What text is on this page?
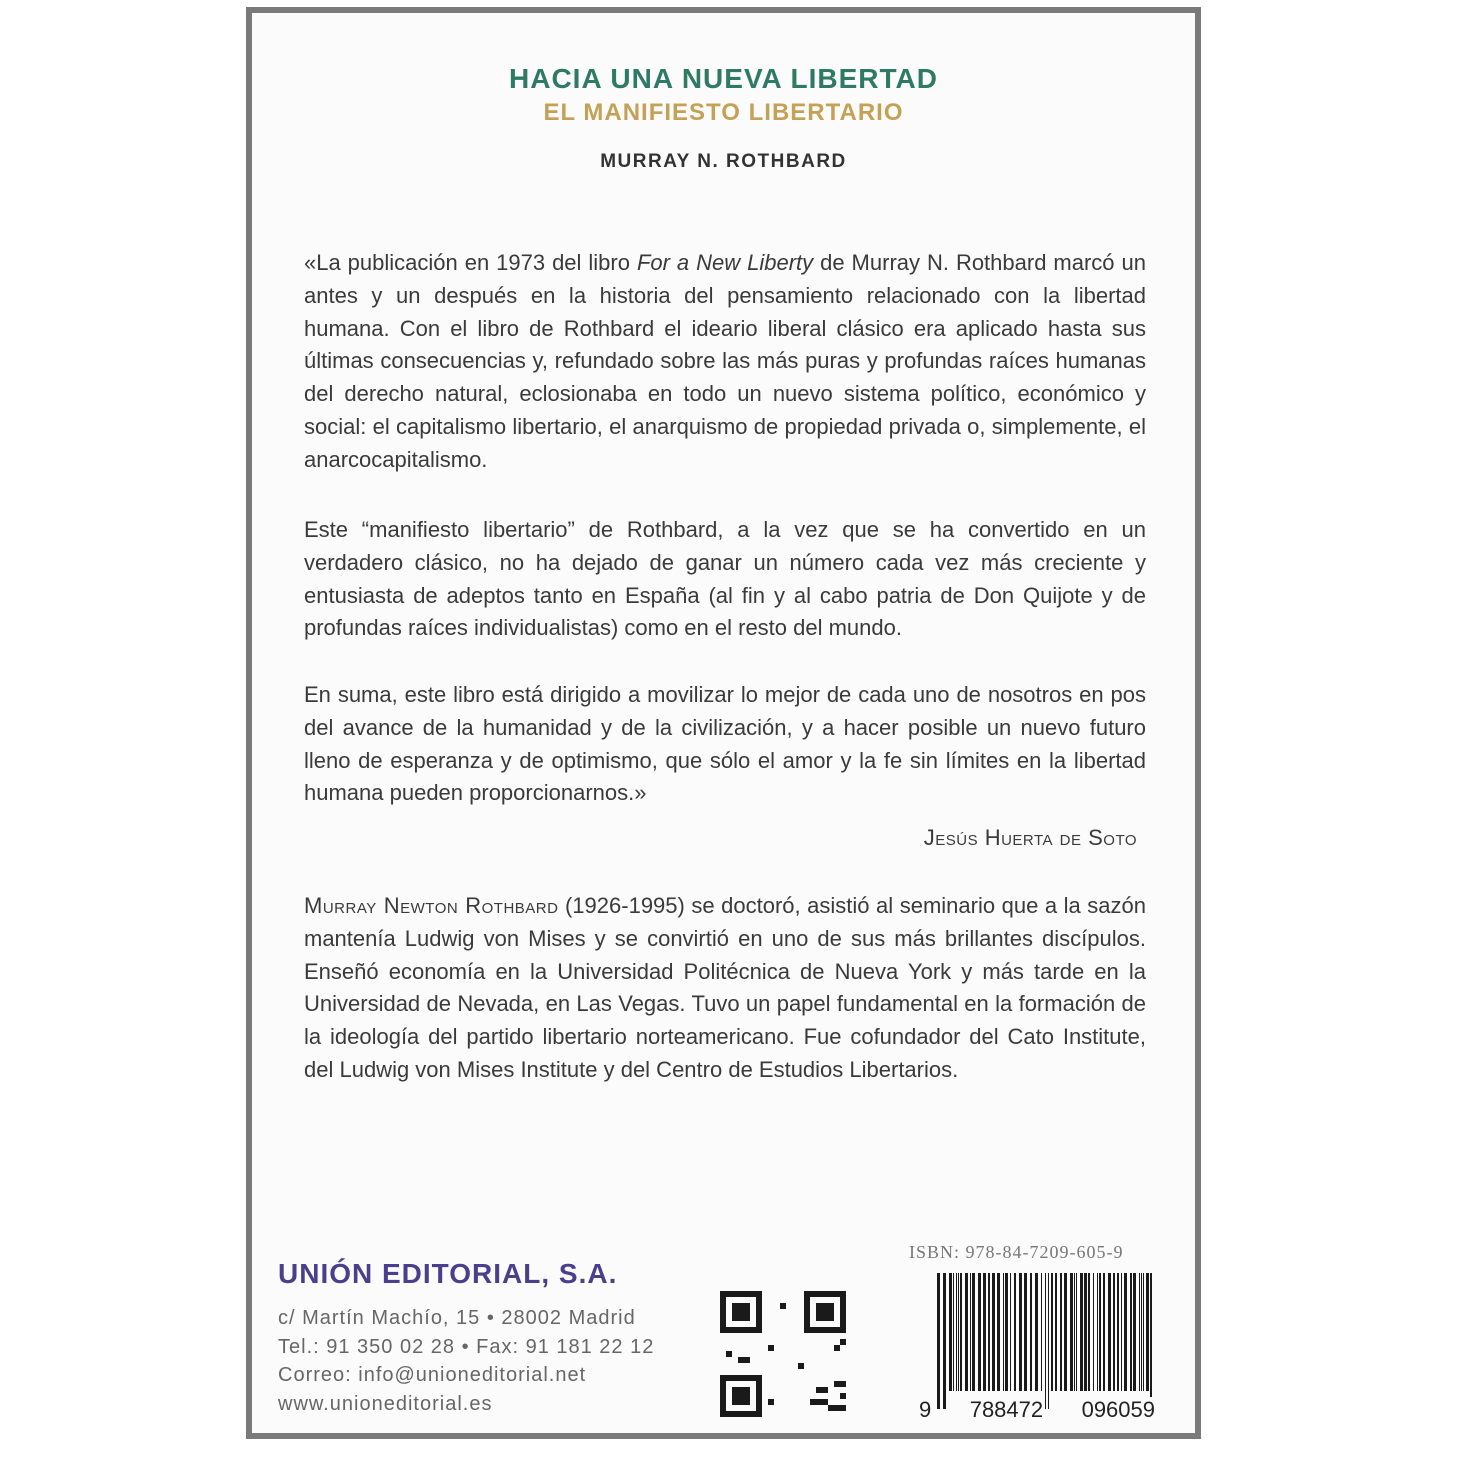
HACIA UNA NUEVA LIBERTAD
EL MANIFIESTO LIBERTARIO
MURRAY N. ROTHBARD
«La publicación en 1973 del libro For a New Liberty de Murray N. Rothbard marcó un antes y un después en la historia del pensamiento relacionado con la libertad humana. Con el libro de Rothbard el ideario liberal clásico era aplicado hasta sus últimas consecuencias y, refundado sobre las más puras y profundas raíces humanas del derecho natural, eclosionaba en todo un nuevo sistema político, económico y social: el capitalismo libertario, el anarquismo de propiedad privada o, simplemente, el anarcocapitalismo.
Este “manifiesto libertario” de Rothbard, a la vez que se ha convertido en un verdadero clásico, no ha dejado de ganar un número cada vez más creciente y entusiasta de adeptos tanto en España (al fin y al cabo patria de Don Quijote y de profundas raíces individualistas) como en el resto del mundo.
En suma, este libro está dirigido a movilizar lo mejor de cada uno de nosotros en pos del avance de la humanidad y de la civilización, y a hacer posible un nuevo futuro lleno de esperanza y de optimismo, que sólo el amor y la fe sin límites en la libertad humana pueden proporcionarnos.»
Jesús Huerta de Soto
Murray Newton Rothbard (1926-1995) se doctoró, asistió al seminario que a la sazón mantenía Ludwig von Mises y se convirtió en uno de sus más brillantes discípulos. Enseñó economía en la Universidad Politécnica de Nueva York y más tarde en la Universidad de Nevada, en Las Vegas. Tuvo un papel fundamental en la formación de la ideología del partido libertario norteamericano. Fue cofundador del Cato Institute, del Ludwig von Mises Institute y del Centro de Estudios Libertarios.
UNIÓN EDITORIAL, S.A.
c/ Martín Machío, 15 • 28002 Madrid
Tel.: 91 350 02 28 • Fax: 91 181 22 12
Correo: info@unioneditorial.net
www.unioneditorial.es
ISBN: 978-84-7209-605-9
9 788472 096059
